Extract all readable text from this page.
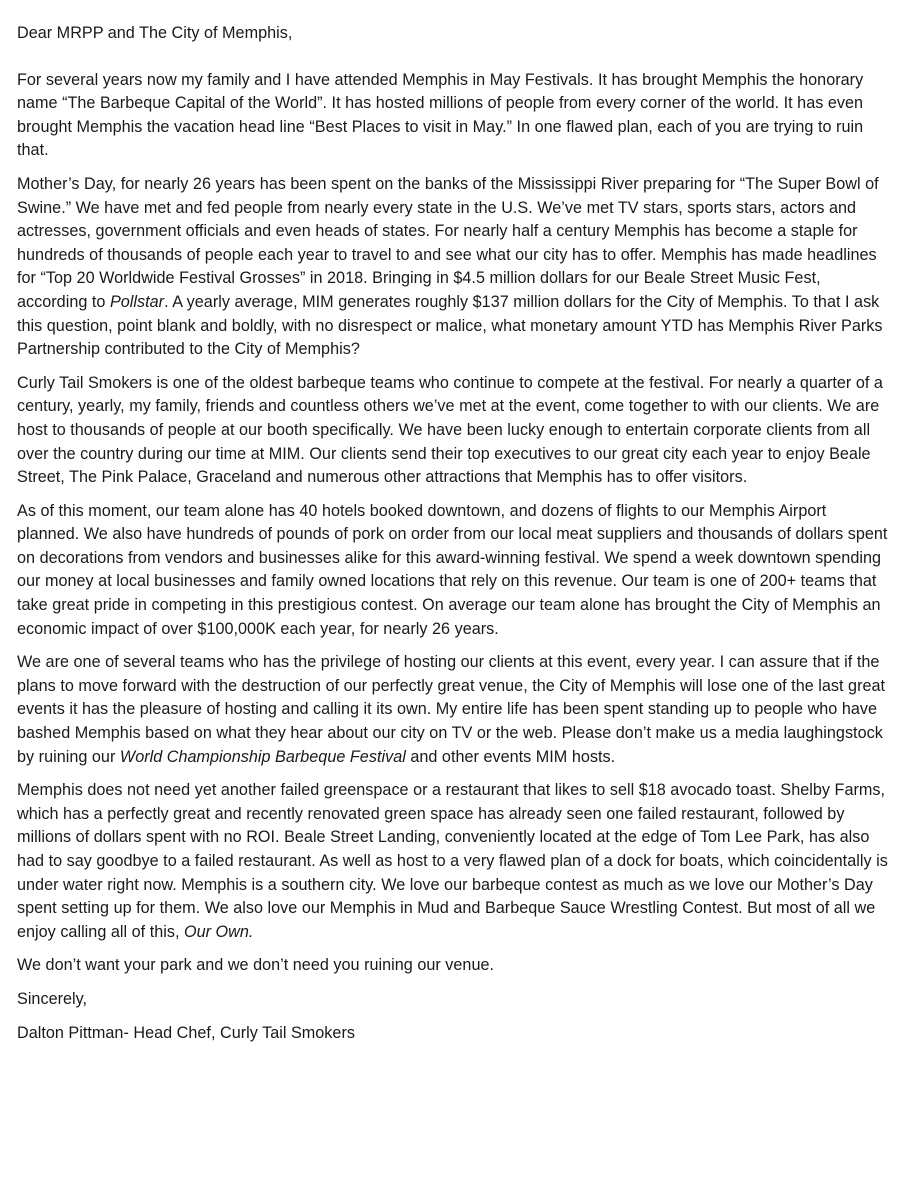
Dear MRPP and The City of Memphis,

For several years now my family and I have attended Memphis in May Festivals. It has brought Memphis the honorary name “The Barbeque Capital of the World”. It has hosted millions of people from every corner of the world. It has even brought Memphis the vacation head line “Best Places to visit in May.” In one flawed plan, each of you are trying to ruin that.

Mother’s Day, for nearly 26 years has been spent on the banks of the Mississippi River preparing for “The Super Bowl of Swine.” We have met and fed people from nearly every state in the U.S. We’ve met TV stars, sports stars, actors and actresses, government officials and even heads of states. For nearly half a century Memphis has become a staple for hundreds of thousands of people each year to travel to and see what our city has to offer. Memphis has made headlines for “Top 20 Worldwide Festival Grosses” in 2018. Bringing in $4.5 million dollars for our Beale Street Music Fest, according to Pollstar. A yearly average, MIM generates roughly $137 million dollars for the City of Memphis. To that I ask this question, point blank and boldly, with no disrespect or malice, what monetary amount YTD has Memphis River Parks Partnership contributed to the City of Memphis?

Curly Tail Smokers is one of the oldest barbeque teams who continue to compete at the festival. For nearly a quarter of a century, yearly, my family, friends and countless others we’ve met at the event, come together to with our clients. We are host to thousands of people at our booth specifically. We have been lucky enough to entertain corporate clients from all over the country during our time at MIM. Our clients send their top executives to our great city each year to enjoy Beale Street, The Pink Palace, Graceland and numerous other attractions that Memphis has to offer visitors.

As of this moment, our team alone has 40 hotels booked downtown, and dozens of flights to our Memphis Airport planned. We also have hundreds of pounds of pork on order from our local meat suppliers and thousands of dollars spent on decorations from vendors and businesses alike for this award-winning festival. We spend a week downtown spending our money at local businesses and family owned locations that rely on this revenue. Our team is one of 200+ teams that take great pride in competing in this prestigious contest. On average our team alone has brought the City of Memphis an economic impact of over $100,000K each year, for nearly 26 years.

We are one of several teams who has the privilege of hosting our clients at this event, every year. I can assure that if the plans to move forward with the destruction of our perfectly great venue, the City of Memphis will lose one of the last great events it has the pleasure of hosting and calling it its own. My entire life has been spent standing up to people who have bashed Memphis based on what they hear about our city on TV or the web. Please don’t make us a media laughingstock by ruining our World Championship Barbeque Festival and other events MIM hosts.

Memphis does not need yet another failed greenspace or a restaurant that likes to sell $18 avocado toast. Shelby Farms, which has a perfectly great and recently renovated green space has already seen one failed restaurant, followed by millions of dollars spent with no ROI. Beale Street Landing, conveniently located at the edge of Tom Lee Park, has also had to say goodbye to a failed restaurant. As well as host to a very flawed plan of a dock for boats, which coincidentally is under water right now. Memphis is a southern city. We love our barbeque contest as much as we love our Mother’s Day spent setting up for them. We also love our Memphis in Mud and Barbeque Sauce Wrestling Contest. But most of all we enjoy calling all of this, Our Own.

We don’t want your park and we don’t need you ruining our venue.

Sincerely,

Dalton Pittman- Head Chef, Curly Tail Smokers
